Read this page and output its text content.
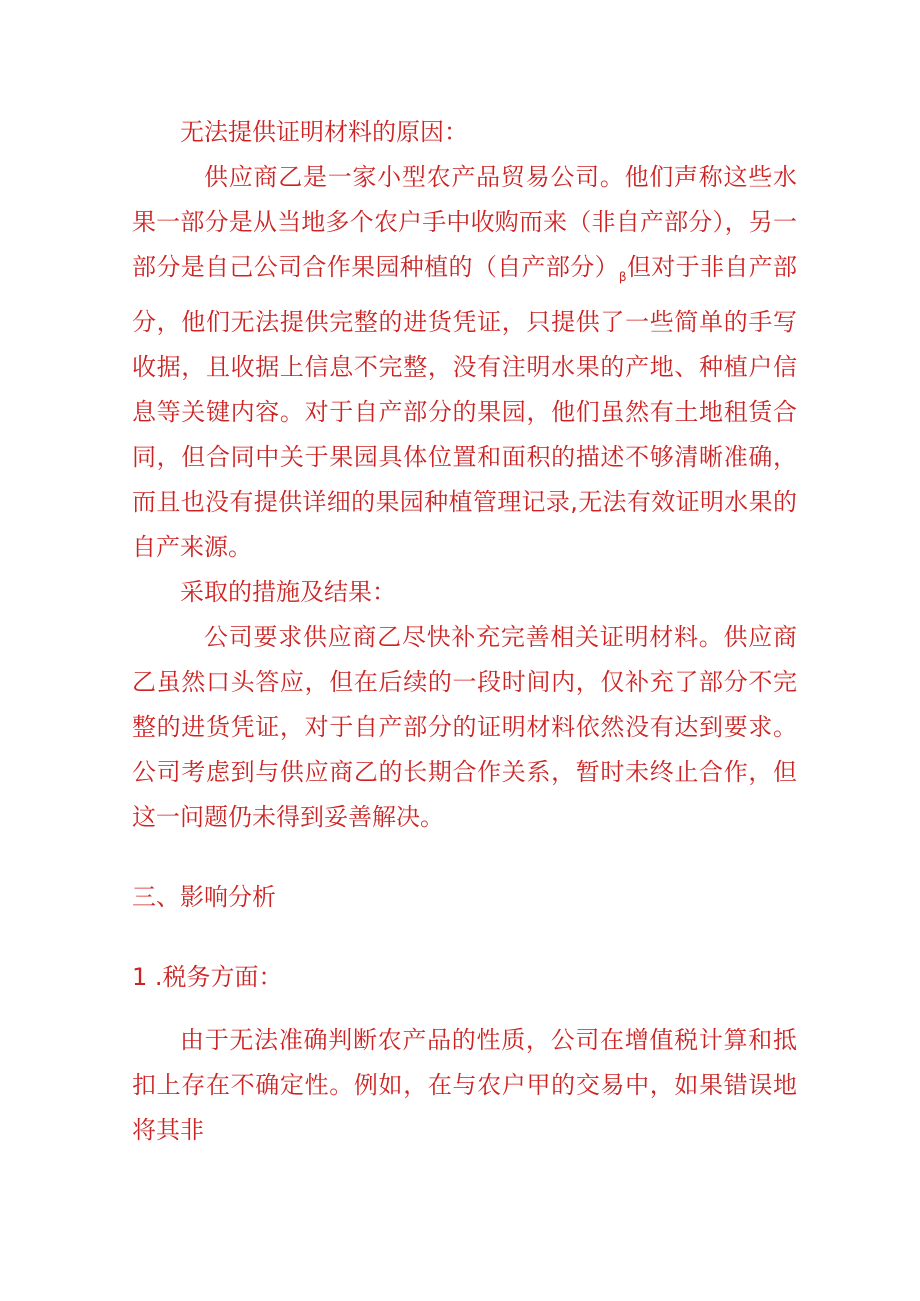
无法提供证明材料的原因：

供应商乙是一家小型农产品贸易公司。他们声称这些水果一部分是从当地多个农户手中收购而来（非自产部分），另一部分是自己公司合作果园种植的（自产部分）$_\beta$但对于非自产部分，他们无法提供完整的进货凭证，只提供了一些简单的手写收据，且收据上信息不完整，没有注明水果的产地、种植户信息等关键内容。对于自产部分的果园，他们虽然有土地租赁合同，但合同中关于果园具体位置和面积的描述不够清晰准确，而且也没有提供详细的果园种植管理记录,无法有效证明水果的自产来源。

采取的措施及结果：

公司要求供应商乙尽快补充完善相关证明材料。供应商乙虽然口头答应，但在后续的一段时间内，仅补充了部分不完整的进货凭证，对于自产部分的证明材料依然没有达到要求。公司考虑到与供应商乙的长期合作关系，暂时未终止合作，但这一问题仍未得到妥善解决。

三、影响分析

1 .税务方面：

由于无法准确判断农产品的性质，公司在增值税计算和抵扣上存在不确定性。例如，在与农户甲的交易中，如果错误地将其非
